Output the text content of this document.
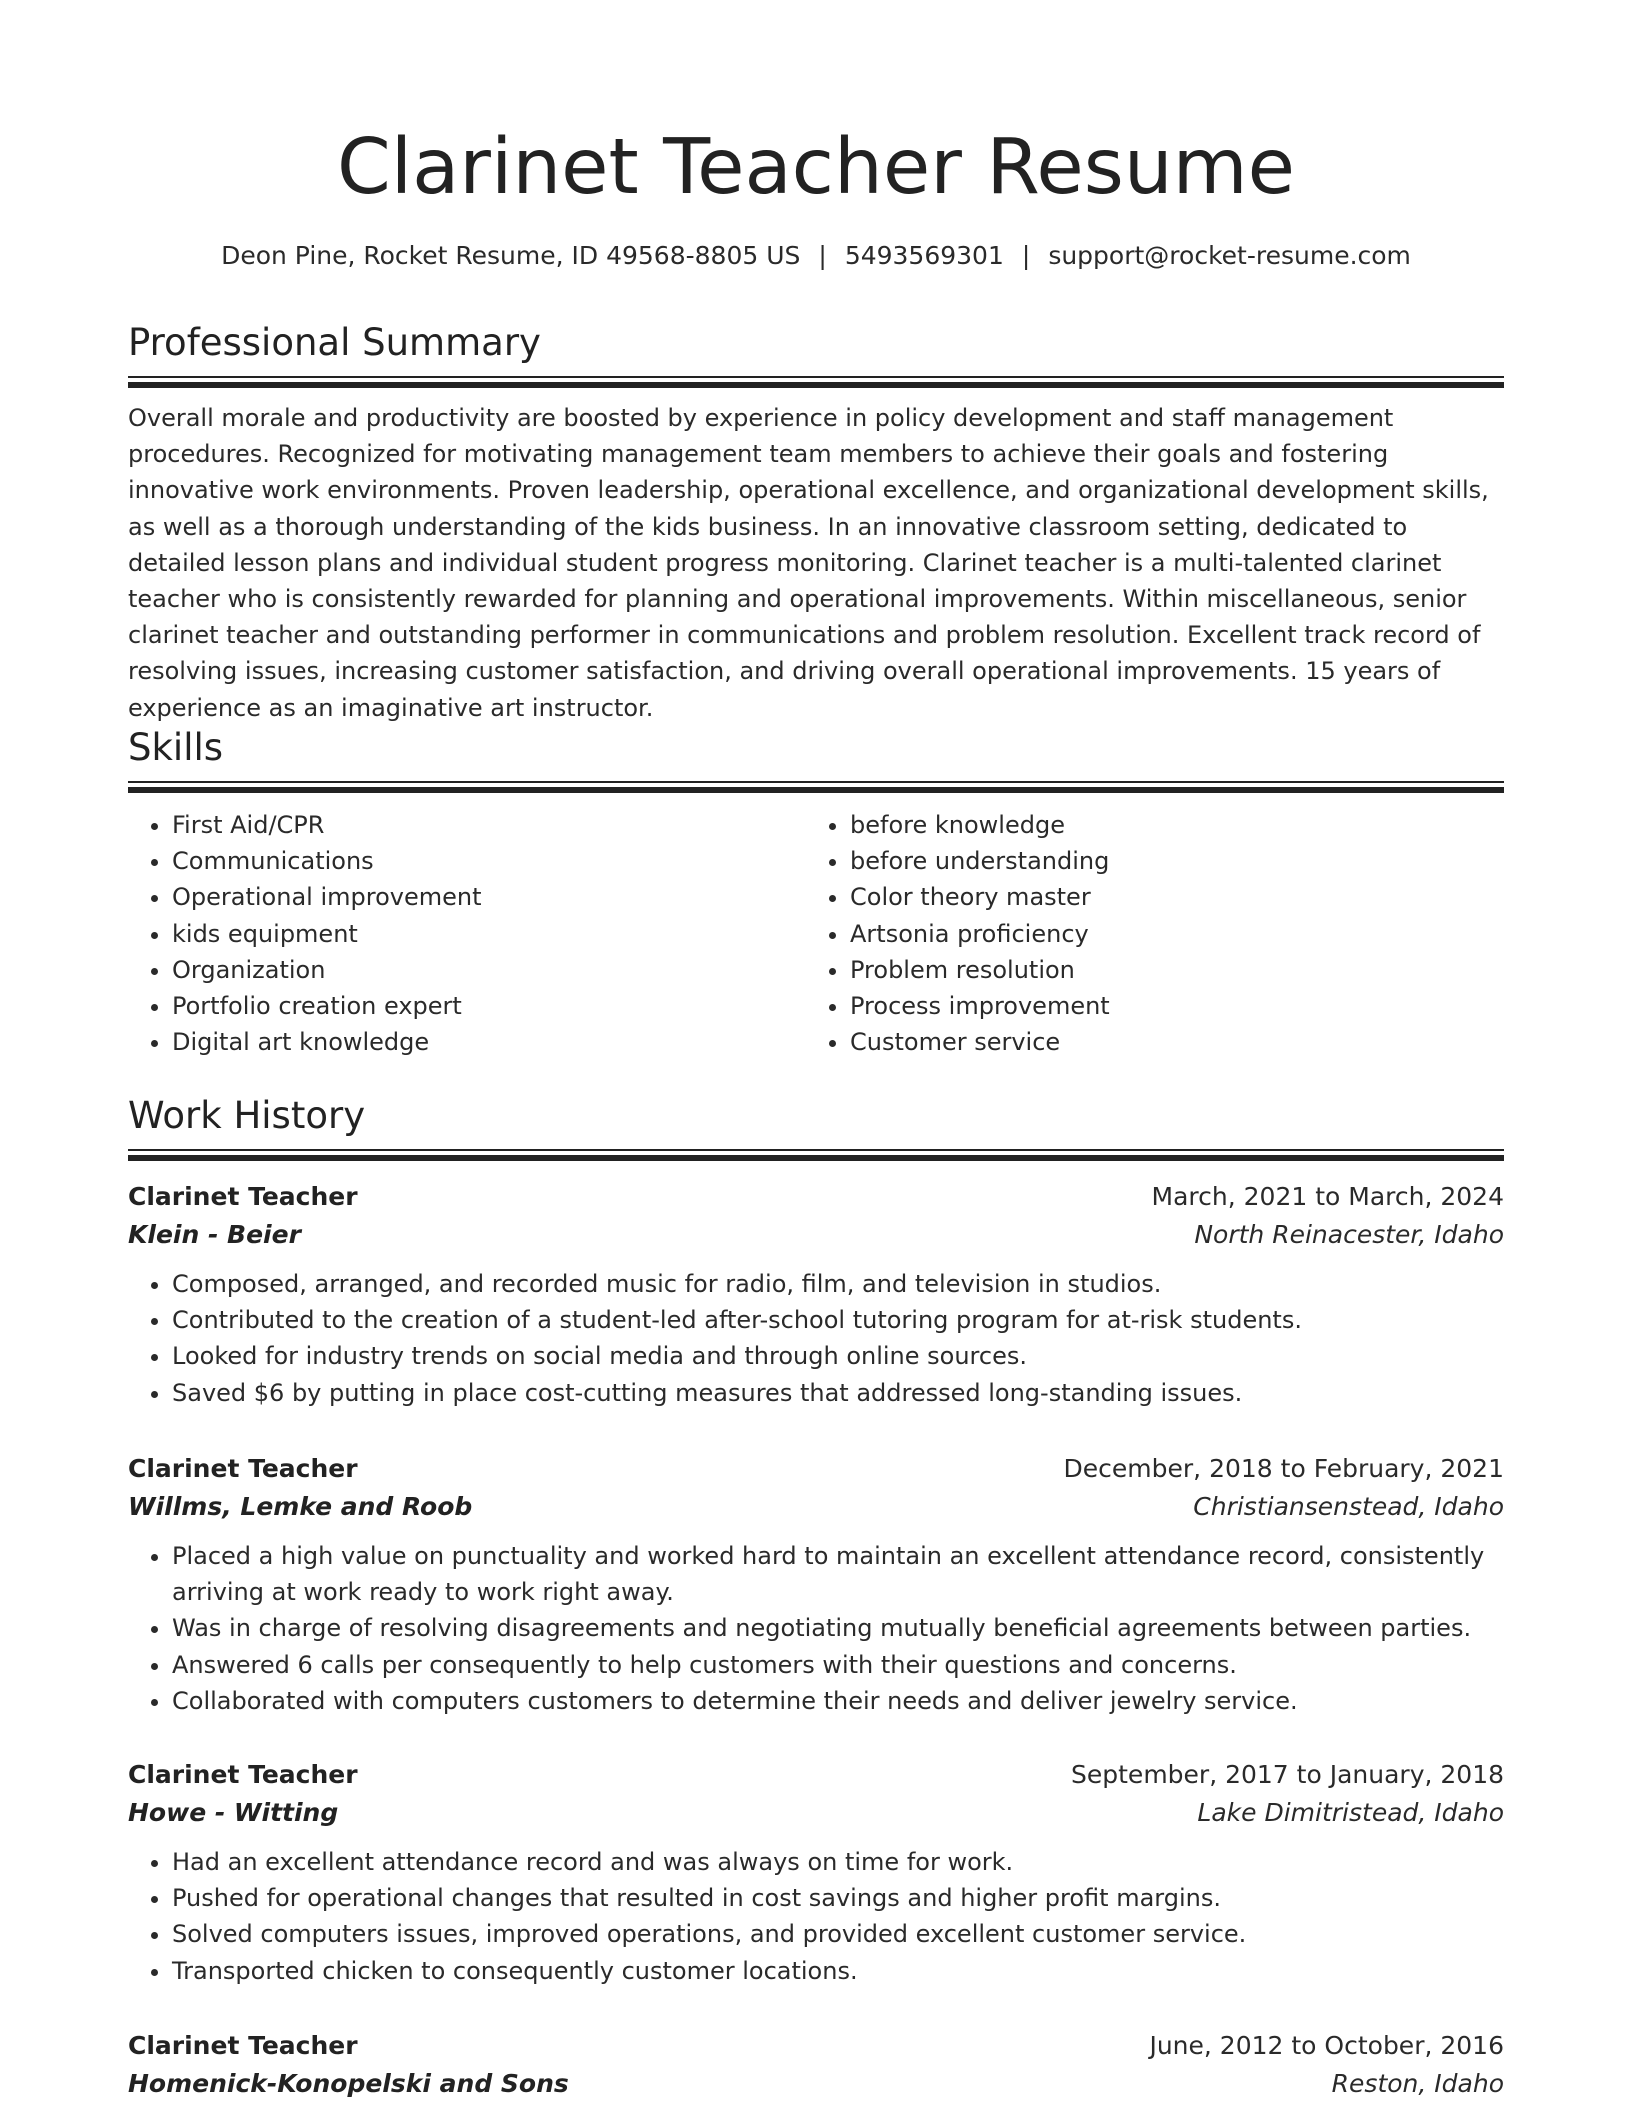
Clarinet Teacher Resume
Deon Pine, Rocket Resume, ID 49568-8805 US | 5493569301 | support@rocket-resume.com
Professional Summary

Overall morale and productivity are boosted by experience in policy development and staff management procedures. Recognized for motivating management team members to achieve their goals and fostering innovative work environments. Proven leadership, operational excellence, and organizational development skills, as well as a thorough understanding of the kids business. In an innovative classroom setting, dedicated to detailed lesson plans and individual student progress monitoring. Clarinet teacher is a multi-talented clarinet teacher who is consistently rewarded for planning and operational improvements. Within miscellaneous, senior clarinet teacher and outstanding performer in communications and problem resolution. Excellent track record of resolving issues, increasing customer satisfaction, and driving overall operational improvements. 15 years of experience as an imaginative art instructor.

Skills
• First Aid/CPR
• Communications
• Operational improvement
• kids equipment
• Organization
• Portfolio creation expert
• Digital art knowledge
• before knowledge
• before understanding
• Color theory master
• Artsonia proficiency
• Problem resolution
• Process improvement
• Customer service
Work History
Clarinet Teacher	March, 2021 to March, 2024
Klein - Beier	North Reinacester, Idaho
• Composed, arranged, and recorded music for radio, film, and television in studios.
• Contributed to the creation of a student-led after-school tutoring program for at-risk students.
• Looked for industry trends on social media and through online sources.
• Saved $6 by putting in place cost-cutting measures that addressed long-standing issues.
Clarinet Teacher	December, 2018 to February, 2021
Willms, Lemke and Roob	Christiansenstead, Idaho
• Placed a high value on punctuality and worked hard to maintain an excellent attendance record, consistently arriving at work ready to work right away.
• Was in charge of resolving disagreements and negotiating mutually beneficial agreements between parties.
• Answered 6 calls per consequently to help customers with their questions and concerns.
• Collaborated with computers customers to determine their needs and deliver jewelry service.
Clarinet Teacher	September, 2017 to January, 2018
Howe - Witting	Lake Dimitristead, Idaho
• Had an excellent attendance record and was always on time for work.
• Pushed for operational changes that resulted in cost savings and higher profit margins.
• Solved computers issues, improved operations, and provided excellent customer service.
• Transported chicken to consequently customer locations.
Clarinet Teacher	June, 2012 to October, 2016
Homenick-Konopelski and Sons	Reston, Idaho
